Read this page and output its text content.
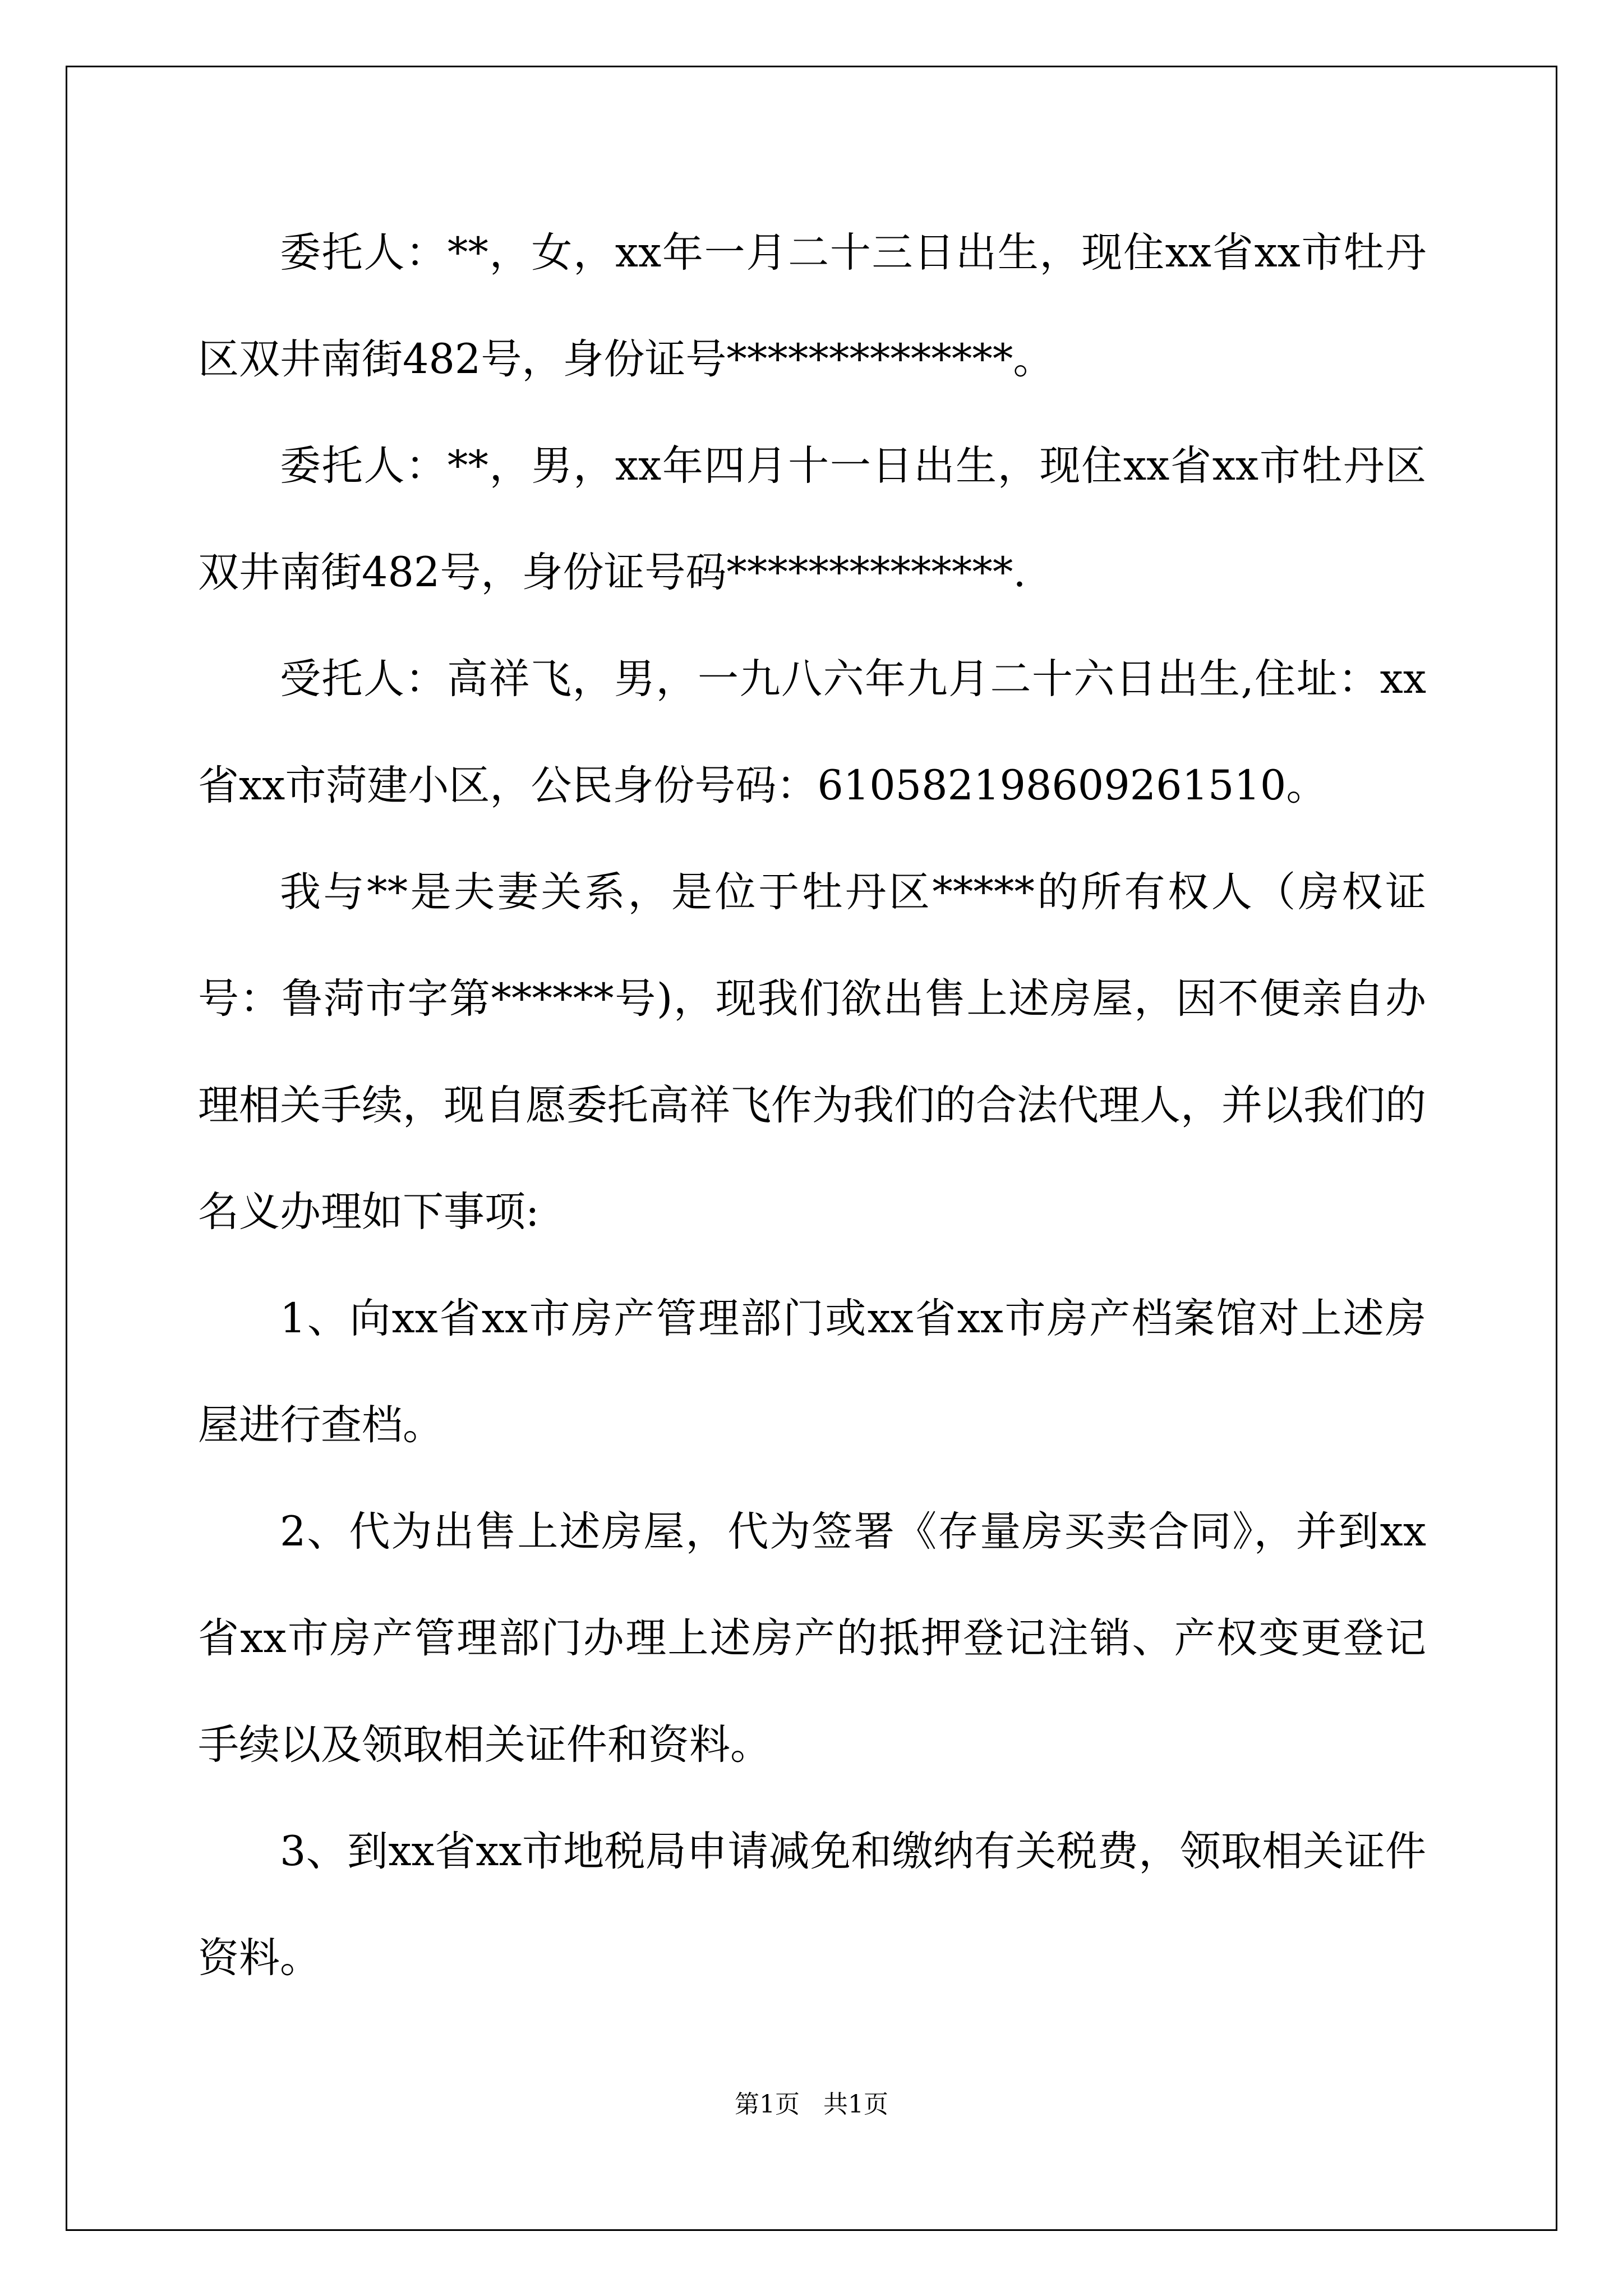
委托人：**，女，xx年一月二十三日出生，现住xx省xx市牡丹区双井南街482号，身份证号**************。

委托人：**，男，xx年四月十一日出生，现住xx省xx市牡丹区双井南街482号，身份证号码**************.

受托人：高祥飞，男，一九八六年九月二十六日出生,住址：xx省xx市菏建小区，公民身份号码：610582198609261510。

我与**是夫妻关系，是位于牡丹区*****的所有权人（房权证号：鲁菏市字第******号)，现我们欲出售上述房屋，因不便亲自办理相关手续，现自愿委托高祥飞作为我们的合法代理人，并以我们的名义办理如下事项:

1、向xx省xx市房产管理部门或xx省xx市房产档案馆对上述房屋进行查档。

2、代为出售上述房屋，代为签署《存量房买卖合同》，并到xx省xx市房产管理部门办理上述房产的抵押登记注销、产权变更登记手续以及领取相关证件和资料。

3、到xx省xx市地税局申请减免和缴纳有关税费，领取相关证件资料。

第1页   共1页
